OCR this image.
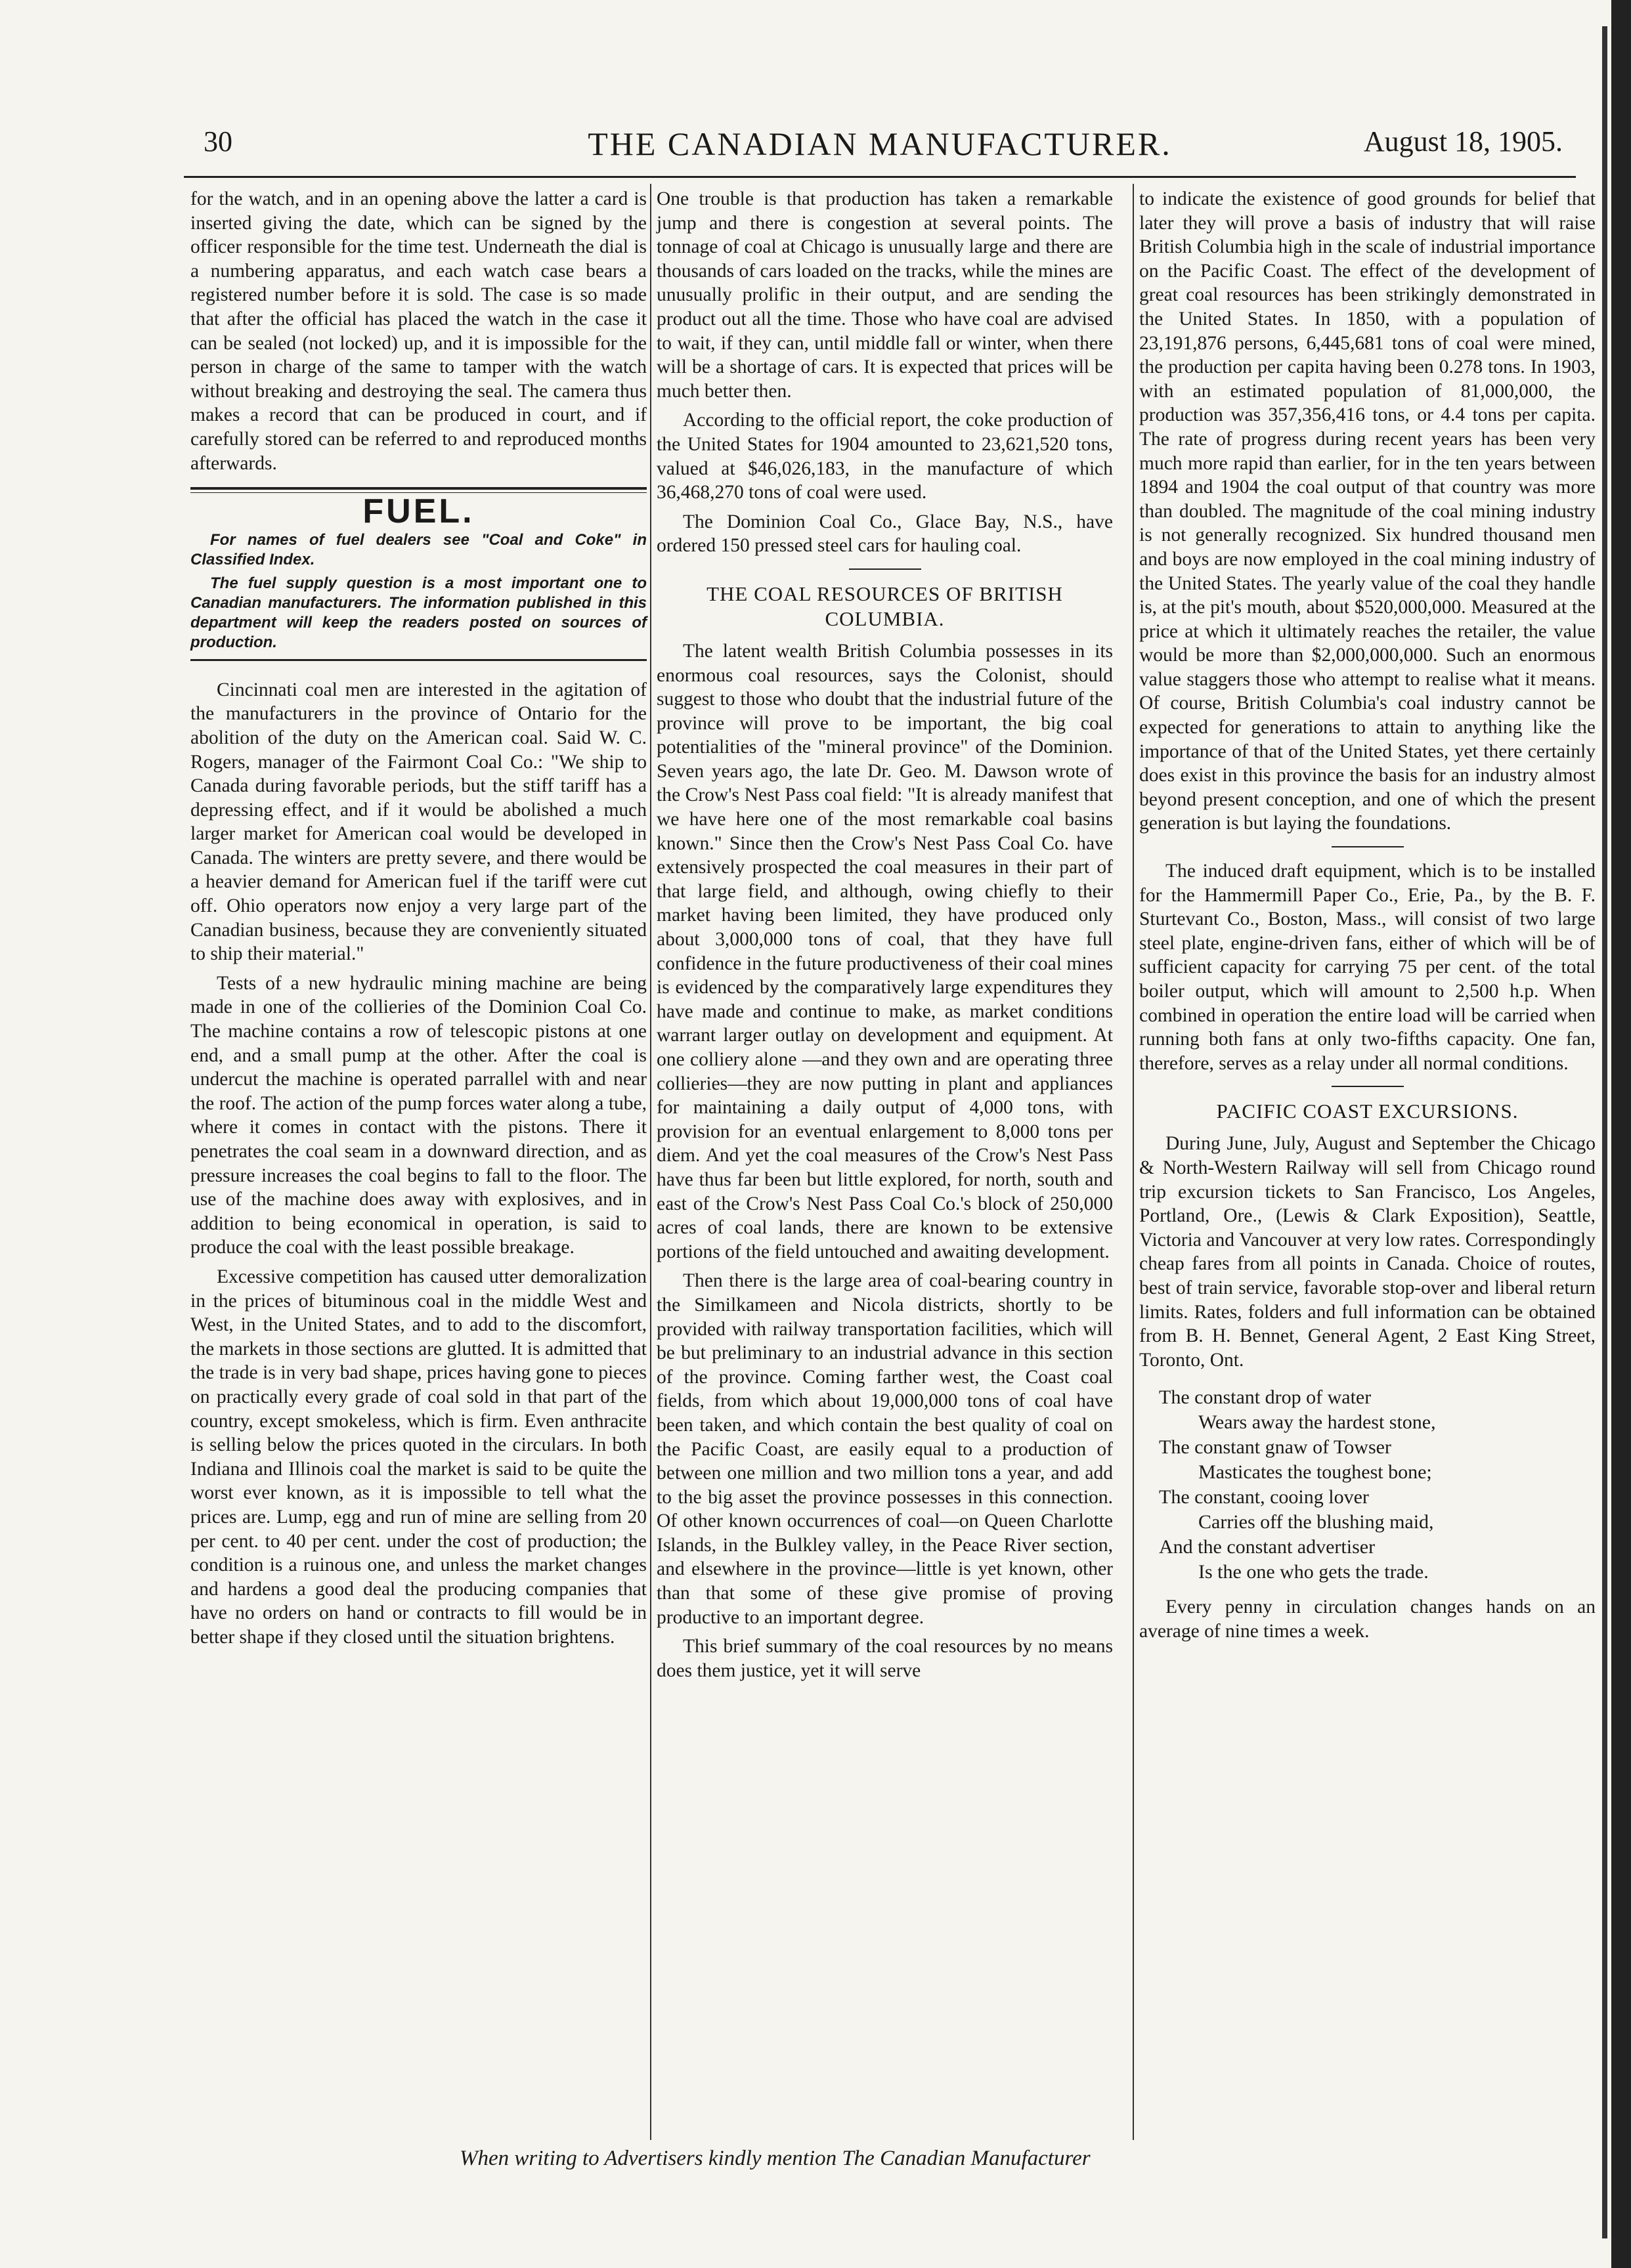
30	THE CANADIAN MANUFACTURER.	August 18, 1905.

for the watch, and in an opening above the latter a card is inserted giving the date, which can be signed by the officer responsible for the time test. Underneath the dial is a numbering apparatus, and each watch case bears a registered number before it is sold. The case is so made that after the official has placed the watch in the case it can be sealed (not locked) up, and it is impossible for the person in charge of the same to tamper with the watch without breaking and destroying the seal. The camera thus makes a record that can be produced in court, and if carefully stored can be referred to and reproduced months afterwards.

FUEL.
For names of fuel dealers see "Coal and Coke" in Classified Index.
The fuel supply question is a most important one to Canadian manufacturers. The information published in this department will keep the readers posted on sources of production.

Cincinnati coal men are interested in the agitation of the manufacturers in the province of Ontario for the abolition of the duty on the American coal. Said W. C. Rogers, manager of the Fairmont Coal Co.: "We ship to Canada during favorable periods, but the stiff tariff has a depressing effect, and if it would be abolished a much larger market for American coal would be developed in Canada. The winters are pretty severe, and there would be a heavier demand for American fuel if the tariff were cut off. Ohio operators now enjoy a very large part of the Canadian business, because they are conveniently situated to ship their material."

Tests of a new hydraulic mining machine are being made in one of the collieries of the Dominion Coal Co. The machine contains a row of telescopic pistons at one end, and a small pump at the other. After the coal is undercut the machine is operated parrallel with and near the roof. The action of the pump forces water along a tube, where it comes in contact with the pistons. There it penetrates the coal seam in a downward direction, and as pressure increases the coal begins to fall to the floor. The use of the machine does away with explosives, and in addition to being economical in operation, is said to produce the coal with the least possible breakage.

Excessive competition has caused utter demoralization in the prices of bituminous coal in the middle West and West, in the United States, and to add to the discomfort, the markets in those sections are glutted. It is admitted that the trade is in very bad shape, prices having gone to pieces on practically every grade of coal sold in that part of the country, except smokeless, which is firm. Even anthracite is selling below the prices quoted in the circulars. In both Indiana and Illinois coal the market is said to be quite the worst ever known, as it is impossible to tell what the prices are. Lump, egg and run of mine are selling from 20 per cent. to 40 per cent. under the cost of production; the condition is a ruinous one, and unless the market changes and hardens a good deal the producing companies that have no orders on hand or contracts to fill would be in better shape if they closed until the situation brightens.

One trouble is that production has taken a remarkable jump and there is congestion at several points. The tonnage of coal at Chicago is unusually large and there are thousands of cars loaded on the tracks, while the mines are unusually prolific in their output, and are sending the product out all the time. Those who have coal are advised to wait, if they can, until middle fall or winter, when there will be a shortage of cars. It is expected that prices will be much better then.

According to the official report, the coke production of the United States for 1904 amounted to 23,621,520 tons, valued at $46,026,183, in the manufacture of which 36,468,270 tons of coal were used.

The Dominion Coal Co., Glace Bay, N.S., have ordered 150 pressed steel cars for hauling coal.

THE COAL RESOURCES OF BRITISH COLUMBIA.

The latent wealth British Columbia possesses in its enormous coal resources, says the Colonist, should suggest to those who doubt that the industrial future of the province will prove to be important, the big coal potentialities of the "mineral province" of the Dominion. Seven years ago, the late Dr. Geo. M. Dawson wrote of the Crow's Nest Pass coal field: "It is already manifest that we have here one of the most remarkable coal basins known." Since then the Crow's Nest Pass Coal Co. have extensively prospected the coal measures in their part of that large field, and although, owing chiefly to their market having been limited, they have produced only about 3,000,000 tons of coal, that they have full confidence in the future productiveness of their coal mines is evidenced by the comparatively large expenditures they have made and continue to make, as market conditions warrant larger outlay on development and equipment. At one colliery alone —and they own and are operating three collieries—they are now putting in plant and appliances for maintaining a daily output of 4,000 tons, with provision for an eventual enlargement to 8,000 tons per diem. And yet the coal measures of the Crow's Nest Pass have thus far been but little explored, for north, south and east of the Crow's Nest Pass Coal Co.'s block of 250,000 acres of coal lands, there are known to be extensive portions of the field untouched and awaiting development.

Then there is the large area of coal-bearing country in the Similkameen and Nicola districts, shortly to be provided with railway transportation facilities, which will be but preliminary to an industrial advance in this section of the province. Coming farther west, the Coast coal fields, from which about 19,000,000 tons of coal have been taken, and which contain the best quality of coal on the Pacific Coast, are easily equal to a production of between one million and two million tons a year, and add to the big asset the province possesses in this connection. Of other known occurrences of coal—on Queen Charlotte Islands, in the Bulkley valley, in the Peace River section, and elsewhere in the province—little is yet known, other than that some of these give promise of proving productive to an important degree.

This brief summary of the coal resources by no means does them justice, yet it will serve

to indicate the existence of good grounds for belief that later they will prove a basis of industry that will raise British Columbia high in the scale of industrial importance on the Pacific Coast. The effect of the development of great coal resources has been strikingly demonstrated in the United States. In 1850, with a population of 23,191,876 persons, 6,445,681 tons of coal were mined, the production per capita having been 0.278 tons. In 1903, with an estimated population of 81,000,000, the production was 357,356,416 tons, or 4.4 tons per capita. The rate of progress during recent years has been very much more rapid than earlier, for in the ten years between 1894 and 1904 the coal output of that country was more than doubled. The magnitude of the coal mining industry is not generally recognized. Six hundred thousand men and boys are now employed in the coal mining industry of the United States. The yearly value of the coal they handle is, at the pit's mouth, about $520,000,000. Measured at the price at which it ultimately reaches the retailer, the value would be more than $2,000,000,000. Such an enormous value staggers those who attempt to realise what it means. Of course, British Columbia's coal industry cannot be expected for generations to attain to anything like the importance of that of the United States, yet there certainly does exist in this province the basis for an industry almost beyond present conception, and one of which the present generation is but laying the foundations.

The induced draft equipment, which is to be installed for the Hammermill Paper Co., Erie, Pa., by the B. F. Sturtevant Co., Boston, Mass., will consist of two large steel plate, engine-driven fans, either of which will be of sufficient capacity for carrying 75 per cent. of the total boiler output, which will amount to 2,500 h.p. When combined in operation the entire load will be carried when running both fans at only two-fifths capacity. One fan, therefore, serves as a relay under all normal conditions.

PACIFIC COAST EXCURSIONS.

During June, July, August and September the Chicago & North-Western Railway will sell from Chicago round trip excursion tickets to San Francisco, Los Angeles, Portland, Ore., (Lewis & Clark Exposition), Seattle, Victoria and Vancouver at very low rates. Correspondingly cheap fares from all points in Canada. Choice of routes, best of train service, favorable stop-over and liberal return limits. Rates, folders and full information can be obtained from B. H. Bennet, General Agent, 2 East King Street, Toronto, Ont.

The constant drop of water
Wears away the hardest stone,
The constant gnaw of Towser
Masticates the toughest bone;
The constant, cooing lover
Carries off the blushing maid,
And the constant advertiser
Is the one who gets the trade.

Every penny in circulation changes hands on an average of nine times a week.

When writing to Advertisers kindly mention The Canadian Manufacturer
